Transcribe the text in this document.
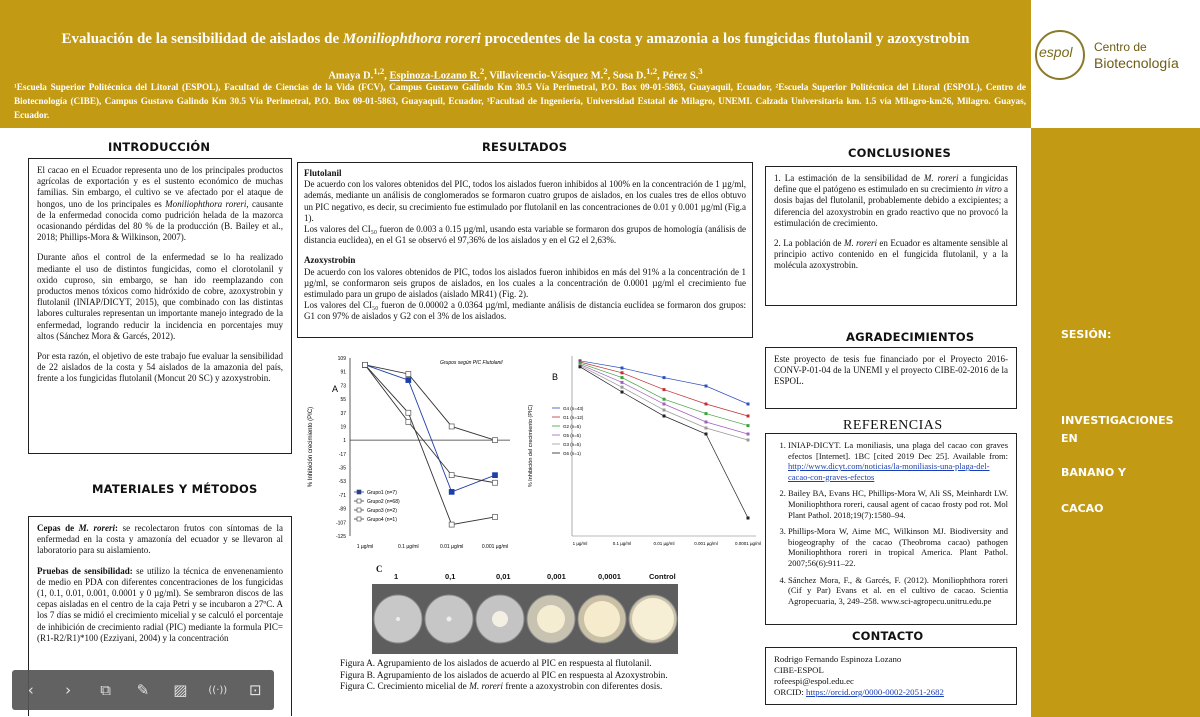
Evaluación de la sensibilidad de aislados de Moniliophthora roreri procedentes de la costa y amazonia a los fungicidas flutolanil y azoxystrobin
Amaya D.$^{1,2}$, Espinoza-Lozano R.$^2$, Villavicencio-Vásquez M.$^2$, Sosa D.$^{1,2}$, Pérez S.$^3$
¹Escuela Superior Politécnica del Litoral (ESPOL), Facultad de Ciencias de la Vida (FCV), Campus Gustavo Galindo Km 30.5 Vía Perimetral, P.O. Box 09-01-5863, Guayaquil, Ecuador, ²Escuela Superior Politécnica del Litoral (ESPOL), Centro de Biotecnología (CIBE), Campus Gustavo Galindo Km 30.5 Vía Perimetral, P.O. Box 09-01-5863, Guayaquil, Ecuador, ³Facultad de Ingeniería, Universidad Estatal de Milagro, UNEMI. Calzada Universitaria km. 1.5 vía Milagro-km26, Milagro. Guayas, Ecuador.
espol Centro de
Biotecnología
SESIÓN:
INVESTIGACIONES
EN
BANANO Y
CACAO
INTRODUCCIÓN
MATERIALES Y MÉTODOS
RESULTADOS	CONCLUSIONES
AGRADECIMIENTOS
REFERENCIAS
CONTACTO

El cacao en el Ecuador representa uno de los principales productos agrícolas de exportación y es el sustento económico de muchas familias. Sin embargo, el cultivo se ve afectado por el ataque de hongos, uno de los principales es Moniliophthora roreri, causante de la enfermedad conocida como pudrición helada de la mazorca ocasionando pérdidas del 80 % de la producción (B. Bailey et al., 2018; Phillips-Mora & Wilkinson, 2007).

Durante años el control de la enfermedad se lo ha realizado mediante el uso de distintos fungicidas, como el clorotolanil y oxido cuproso, sin embargo, se han ido reemplazando con productos menos tóxicos como hidróxido de cobre, azoxystrobin y flutolanil (INIAP/DICYT, 2015), que combinado con las distintas labores culturales representan un importante manejo integrado de la enfermedad, logrando reducir la incidencia en porcentajes muy altos (Sánchez Mora & Garcés, 2012).

Por esta razón, el objetivo de este trabajo fue evaluar la sensibilidad de 22 aislados de la costa y 54 aislados de la amazonia del país, frente a los fungicidas flutolanil (Moncut 20 SC) y azoxystrobin.

Cepas de M. roreri: se recolectaron frutos con síntomas de la enfermedad en la costa y amazonía del ecuador y se llevaron al laboratorio para su aislamiento.

Pruebas de sensibilidad: se utilizo la técnica de envenenamiento de medio en PDA con diferentes concentraciones de los fungicidas (1, 0.1, 0.01, 0.001, 0.0001 y 0 µg/ml). Se sembraron discos de las cepas aisladas en el centro de la caja Petri y se incubaron a 27ºC. A los 7 días se midió el crecimiento micelial y se calculó el porcentaje de inhibición de crecimiento radial (PIC) mediante la formula PIC= (R1-R2/R1)*100 (Ezziyani, 2004) y la concentración

Flutolanil

De acuerdo con los valores obtenidos del PIC, todos los aislados fueron inhibidos al 100% en la concentración de 1 µg/ml, además, mediante un análisis de conglomerados se formaron cuatro grupos de aislados, en los cuales tres de ellos obtuvo un PIC negativo, es decir, su crecimiento fue estimulado por flutolanil en las concentraciones de 0.01 y 0.001 µg/ml (Fig.a 1).

Los valores del CI₅₀ fueron de 0.003 a 0.15 µg/ml, usando esta variable se formaron dos grupos de homología (análisis de distancia euclidea), en el G1 se observó el 97,36% de los aislados y en el G2 el 2,63%.

Azoxystrobin

De acuerdo con los valores obtenidos de PIC, todos los aislados fueron inhibidos en más del 91% a la concentración de 1 µg/ml, se conformaron seis grupos de aislados, en los cuales a la concentración de 0.0001 µg/ml el crecimiento fue estimulado para un grupo de aislados (aislado MR41) (Fig. 2).

Los valores del CI₅₀ fueron de 0.00002 a 0.0364 µg/ml, mediante análisis de distancia euclídea se formaron dos grupos: G1 con 97% de aislados y G2 con el 3% de los aislados.

109
91
73
55
37
19
1
-17
-35
-53
-71
-89
-107
-125
1 µg/ml	0.1 µg/ml	0.01 µg/ml	0.001 µg/ml
% Inhibición crecimiento (PIC)
Grupos según PIC Flutolanil
A
Grupo1 (n=7)
Grupo2 (n=68)
Grupo3 (n=2)
Grupo4 (n=1)
1 µg/ml	0.1 µg/ml	0.01 µg/ml	0.001 µg/ml	0.0001 µg/ml
% Inhibición del crecimiento (PIC)
B
G4 (n=43)
G1 (n=12)
G2 (n=5)
G5 (n=5)
G3 (n=5)
G6 (n=1)
C
1	0,1	0,01	0,001	0,0001	Control
Figura A. Agrupamiento de los aislados de acuerdo al PIC en respuesta al flutolanil.
Figura B. Agrupamiento de los aislados de acuerdo al PIC en respuesta al Azoxystrobin.
Figura C. Crecimiento micelial de M. roreri frente a azoxystrobin con diferentes dosis.

1. La estimación de la sensibilidad de M. roreri a fungicidas define que el patógeno es estimulado en su crecimiento in vitro a dosis bajas del flutolanil, probablemente debido a excipientes; a diferencia del azoxystrobin en grado reactivo que no provocó la estimulación de crecimiento.

2. La población de M. roreri en Ecuador es altamente sensible al principio activo contenido en el fungicida flutolanil, y a la molécula azoxystrobin.

Este proyecto de tesis fue financiado por el Proyecto 2016-CONV-P-01-04 de la UNEMI y el proyecto CIBE-02-2016 de la ESPOL.
1. INIAP-DICYT. La moniliasis, una plaga del cacao con graves efectos [Internet]. 1BC [cited 2019 Dec 25]. Available from: http://www.dicyt.com/noticias/la-moniliasis-una-plaga-del-cacao-con-graves-efectos
2. Bailey BA, Evans HC, Phillips-Mora W, Ali SS, Meinhardt LW. Moniliophthora roreri, causal agent of cacao frosty pod rot. Mol Plant Pathol. 2018;19(7):1580–94.
3. Phillips-Mora W, Aime MC, Wilkinson MJ. Biodiversity and biogeography of the cacao (Theobroma cacao) pathogen Moniliophthora roreri in tropical America. Plant Pathol. 2007;56(6):911–22.
4. Sánchez Mora, F., & Garcés, F. (2012). Moniliophthora roreri (Cif y Par) Evans et al. en el cultivo de cacao. Scientia Agropecuaria, 3, 249–258. www.sci-agropecu.unitru.edu.pe
Rodrigo Fernando Espinoza Lozano
CIBE-ESPOL
rofeespi@espol.edu.ec
ORCID: https://orcid.org/0000-0002-2051-2682
‹	›	⧉	✎	▨	((·))	⊡
